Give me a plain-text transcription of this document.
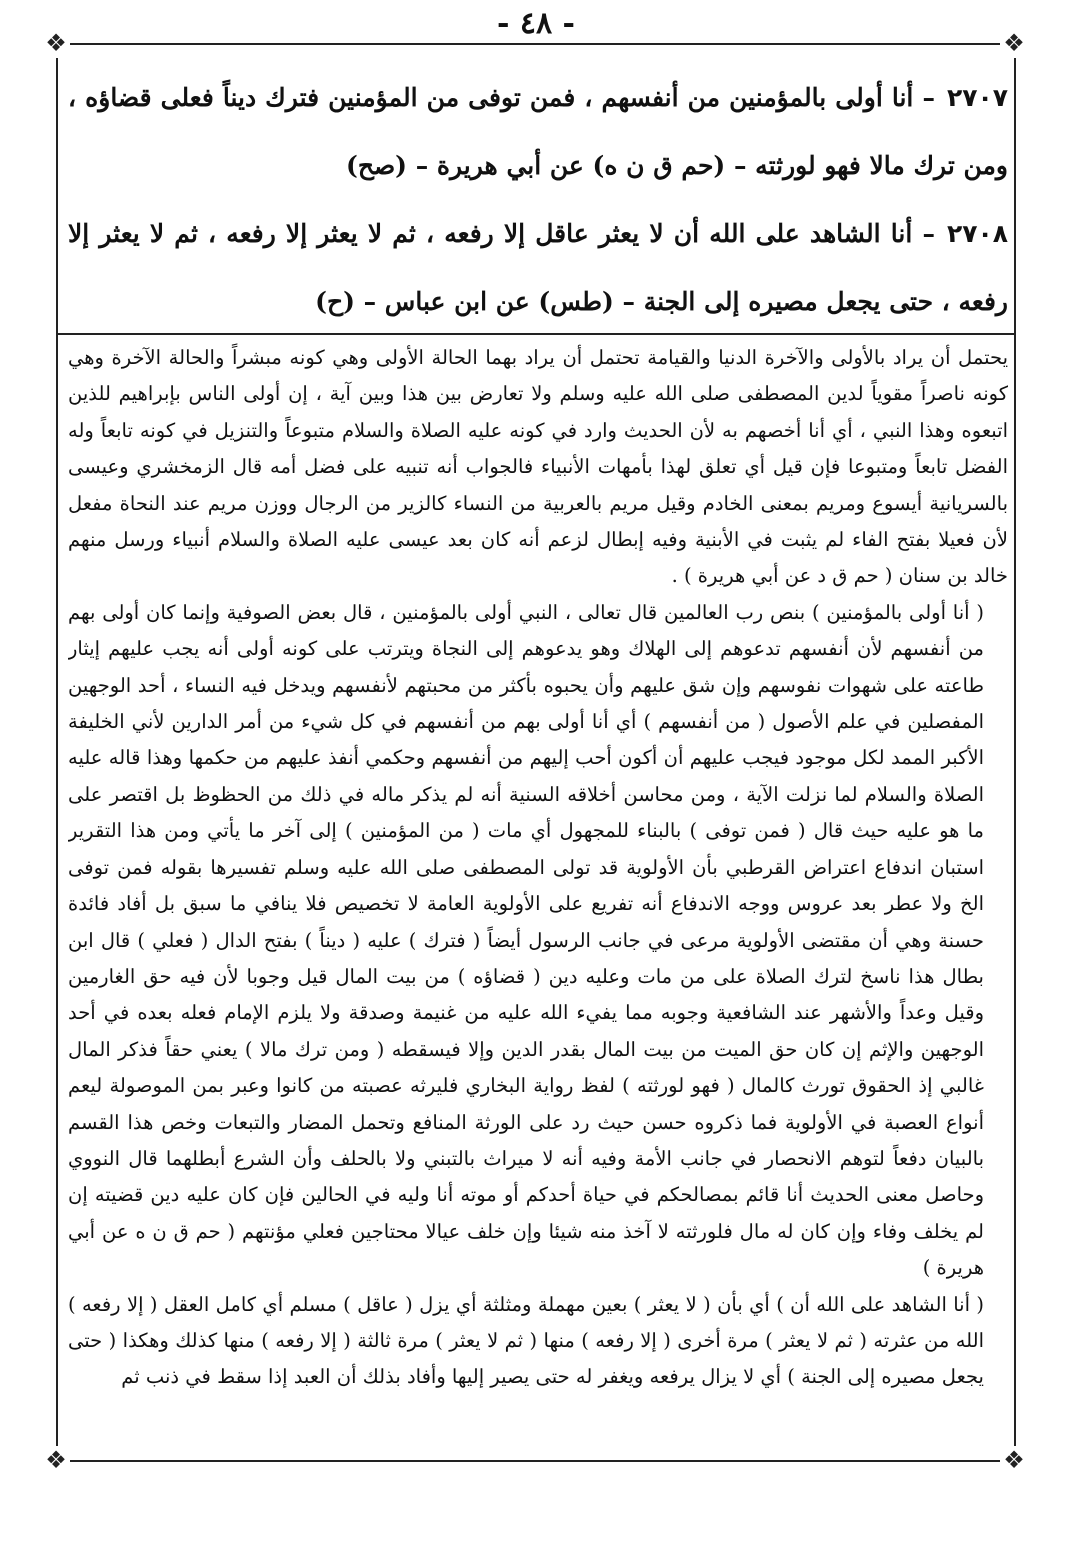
- ٤٨ -
❖	❖
❖	❖

٢٧٠٧– أنا أولى بالمؤمنين من أنفسهم ، فمن توفى من المؤمنين فترك ديناً فعلى قضاؤه ، ومن ترك مالا فهو لورثته – (حم ق ن ه) عن أبي هريرة – (صح)

٢٧٠٨– أنا الشاهد على الله أن لا يعثر عاقل إلا رفعه ، ثم لا يعثر إلا رفعه ، ثم لا يعثر إلا رفعه ، حتى يجعل مصيره إلى الجنة – (طس) عن ابن عباس – (ح)

يحتمل أن يراد بالأولى والآخرة الدنيا والقيامة تحتمل أن يراد بهما الحالة الأولى وهي كونه مبشراً والحالة الآخرة وهي كونه ناصراً مقوياً لدين المصطفى صلى الله عليه وسلم ولا تعارض بين هذا وبين آية ، إن أولى الناس بإبراهيم للذين اتبعوه وهذا النبي ، أي أنا أخصهم به لأن الحديث وارد في كونه عليه الصلاة والسلام متبوعاً والتنزيل في كونه تابعاً وله الفضل تابعاً ومتبوعا فإن قيل أي تعلق لهذا بأمهات الأنبياء فالجواب أنه تنبيه على فضل أمه قال الزمخشري وعيسى بالسريانية أيسوع ومريم بمعنى الخادم وقيل مريم بالعربية من النساء كالزير من الرجال ووزن مريم عند النحاة مفعل لأن فعيلا بفتح الفاء لم يثبت في الأبنية وفيه إبطال لزعم أنه كان بعد عيسى عليه الصلاة والسلام أنبياء ورسل منهم خالد بن سنان ( حم ق د عن أبي هريرة ) .

( أنا أولى بالمؤمنين ) بنص رب العالمين قال تعالى ، النبي أولى بالمؤمنين ، قال بعض الصوفية وإنما كان أولى بهم من أنفسهم لأن أنفسهم تدعوهم إلى الهلاك وهو يدعوهم إلى النجاة ويترتب على كونه أولى أنه يجب عليهم إيثار طاعته على شهوات نفوسهم وإن شق عليهم وأن يحبوه بأكثر من محبتهم لأنفسهم ويدخل فيه النساء ، أحد الوجهين المفصلين في علم الأصول ( من أنفسهم ) أي أنا أولى بهم من أنفسهم في كل شيء من أمر الدارين لأني الخليفة الأكبر الممد لكل موجود فيجب عليهم أن أكون أحب إليهم من أنفسهم وحكمي أنفذ عليهم من حكمها وهذا قاله عليه الصلاة والسلام لما نزلت الآية ، ومن محاسن أخلاقه السنية أنه لم يذكر ماله في ذلك من الحظوظ بل اقتصر على ما هو عليه حيث قال ( فمن توفى ) بالبناء للمجهول أي مات ( من المؤمنين ) إلى آخر ما يأتي ومن هذا التقرير استبان اندفاع اعتراض القرطبي بأن الأولوية قد تولى المصطفى صلى الله عليه وسلم تفسيرها بقوله فمن توفى الخ ولا عطر بعد عروس ووجه الاندفاع أنه تفريع على الأولوية العامة لا تخصيص فلا ينافي ما سبق بل أفاد فائدة حسنة وهي أن مقتضى الأولوية مرعى في جانب الرسول أيضاً ( فترك ) عليه ( ديناً ) بفتح الدال ( فعلي ) قال ابن بطال هذا ناسخ لترك الصلاة على من مات وعليه دين ( قضاؤه ) من بيت المال قيل وجوبا لأن فيه حق الغارمين وقيل وعداً والأشهر عند الشافعية وجوبه مما يفيء الله عليه من غنيمة وصدقة ولا يلزم الإمام فعله بعده في أحد الوجهين والإثم إن كان حق الميت من بيت المال بقدر الدين وإلا فيسقطه ( ومن ترك مالا ) يعني حقاً فذكر المال غالبي إذ الحقوق تورث كالمال ( فهو لورثته ) لفظ رواية البخاري فليرثه عصبته من كانوا وعبر بمن الموصولة ليعم أنواع العصبة في الأولوية فما ذكروه حسن حيث رد على الورثة المنافع وتحمل المضار والتبعات وخص هذا القسم بالبيان دفعاً لتوهم الانحصار في جانب الأمة وفيه أنه لا ميراث بالتبني ولا بالحلف وأن الشرع أبطلهما قال النووي وحاصل معنى الحديث أنا قائم بمصالحكم في حياة أحدكم أو موته أنا وليه في الحالين فإن كان عليه دين قضيته إن لم يخلف وفاء وإن كان له مال فلورثته لا آخذ منه شيئا وإن خلف عيالا محتاجين فعلي مؤنتهم ( حم ق ن ه عن أبي هريرة )

( أنا الشاهد على الله أن ) أي بأن ( لا يعثر ) بعين مهملة ومثلثة أي يزل ( عاقل ) مسلم أي كامل العقل ( إلا رفعه ) الله من عثرته ( ثم لا يعثر ) مرة أخرى ( إلا رفعه ) منها ( ثم لا يعثر ) مرة ثالثة ( إلا رفعه ) منها كذلك وهكذا ( حتى يجعل مصيره إلى الجنة ) أي لا يزال يرفعه ويغفر له حتى يصير إليها وأفاد بذلك أن العبد إذا سقط في ذنب ثم
